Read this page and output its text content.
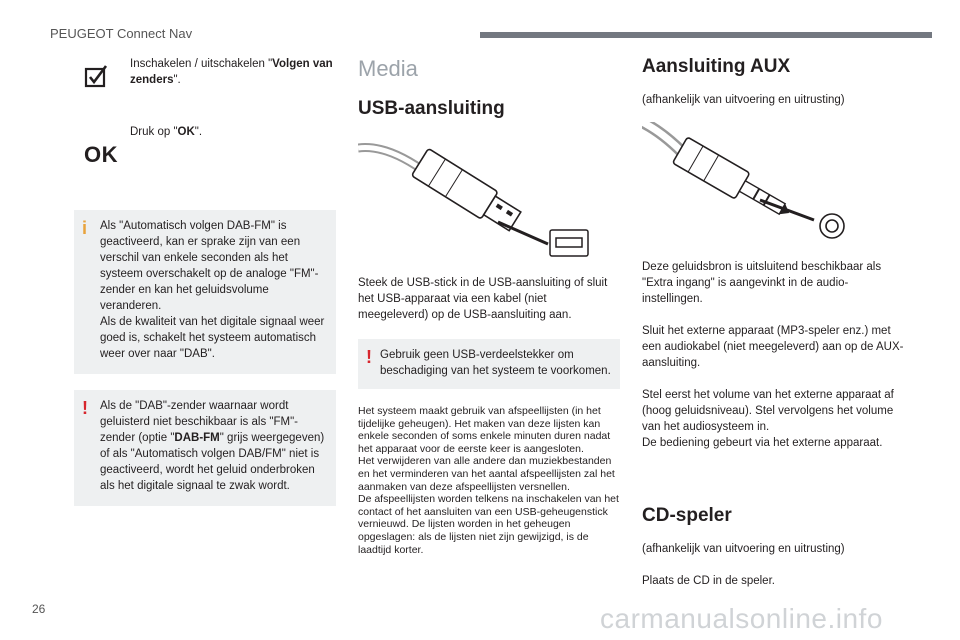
PEUGEOT Connect Nav
Inschakelen / uitschakelen "Volgen van zenders".
OK
Druk op "OK".
i Als "Automatisch volgen DAB-FM" is geactiveerd, kan er sprake zijn van een verschil van enkele seconden als het systeem overschakelt op de analoge "FM"-zender en kan het geluidsvolume veranderen.

Als de kwaliteit van het digitale signaal weer goed is, schakelt het systeem automatisch weer over naar "DAB".

! Als de "DAB"-zender waarnaar wordt geluisterd niet beschikbaar is als "FM"-zender (optie "DAB-FM" grijs weergegeven) of als "Automatisch volgen DAB/FM" niet is geactiveerd, wordt het geluid onderbroken als het digitale signaal te zwak wordt.

Media
USB-aansluiting
Steek de USB-stick in de USB-aansluiting of sluit het USB-apparaat via een kabel (niet meegeleverd) op de USB-aansluiting aan.
! Gebruik geen USB-verdeelstekker om beschadiging van het systeem te voorkomen.

Het systeem maakt gebruik van afspeellijsten (in het tijdelijke geheugen). Het maken van deze lijsten kan enkele seconden of soms enkele minuten duren nadat het apparaat voor de eerste keer is aangesloten.

Het verwijderen van alle andere dan muziekbestanden en het verminderen van het aantal afspeellijsten zal het aanmaken van deze afspeellijsten versnellen.

De afspeellijsten worden telkens na inschakelen van het contact of het aansluiten van een USB-geheugenstick vernieuwd. De lijsten worden in het geheugen opgeslagen: als de lijsten niet zijn gewijzigd, is de laadtijd korter.

Aansluiting AUX
(afhankelijk van uitvoering en uitrusting)
Deze geluidsbron is uitsluitend beschikbaar als "Extra ingang" is aangevinkt in de audio-instellingen.
Sluit het externe apparaat (MP3-speler enz.) met een audiokabel (niet meegeleverd) aan op de AUX-aansluiting.

Stel eerst het volume van het externe apparaat af (hoog geluidsniveau). Stel vervolgens het volume van het audiosysteem in.

De bediening gebeurt via het externe apparaat.

CD-speler
(afhankelijk van uitvoering en uitrusting)
Plaats de CD in de speler.
26	carmanualsonline.info
